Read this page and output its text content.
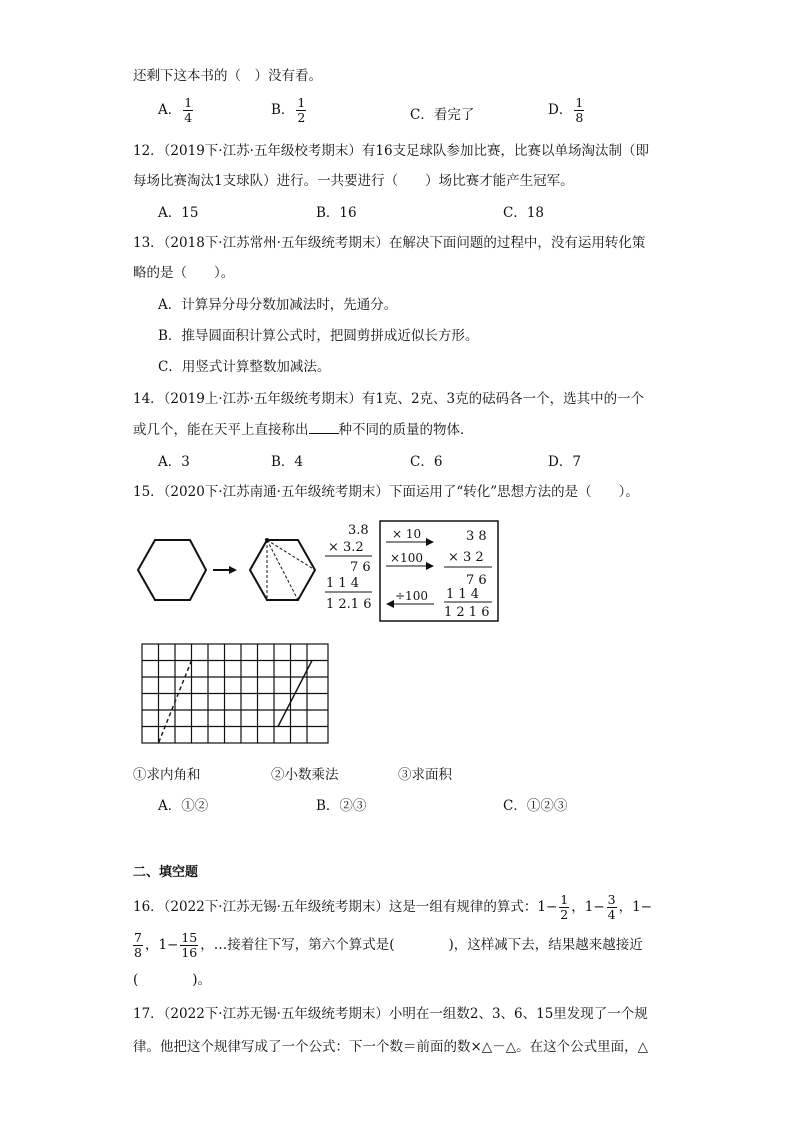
还剩下这本书的（　）没有看。
A． $\frac{1}{4}$	B． $\frac{1}{2}$	C．看完了	D． $\frac{1}{8}$
12．（2019下·江苏·五年级校考期末）有16支足球队参加比赛，比赛以单场淘汰制（即
每场比赛淘汰1支球队）进行。一共要进行（　　）场比赛才能产生冠军。
A．15	B．16	C．18
13．（2018下·江苏常州·五年级统考期末）在解决下面问题的过程中，没有运用转化策
略的是（　　）。
A．计算异分母分数加减法时，先通分。
B．推导圆面积计算公式时，把圆剪拼成近似长方形。
C．用竖式计算整数加减法。
14．（2019上·江苏·五年级统考期末）有1克、2克、3克的砝码各一个，选其中的一个
或几个，能在天平上直接称出 种不同的质量的物体．
A．3	B．4	C．6	D．7
15．（2020下·江苏南通·五年级统考期末）下面运用了“转化”思想方法的是（　　）。
3.8
× 3.2
7 6
1 1 4
1 2.1 6
× 10
×100
÷100
3 8
× 3 2
7 6
1 1 4
1 2 1 6
①求内角和	②小数乘法	③求面积
A．①②	B．②③	C．①②③
二、填空题
16．（2022下·江苏无锡·五年级统考期末）这是一组有规律的算式：$1- \frac{1}{2}$ ，$1- \frac{3}{4}$ ，1−
$\frac{7}{8}$ ，$1- \frac{15}{16}$ ，…接着往下写，第六个算式是(　　　　)，这样减下去，结果越来越接近
(　　　　)。
17．（2022下·江苏无锡·五年级统考期末）小明在一组数2、3、6、15里发现了一个规
律。他把这个规律写成了一个公式：下一个数＝前面的数×△－△。在这个公式里面，△
